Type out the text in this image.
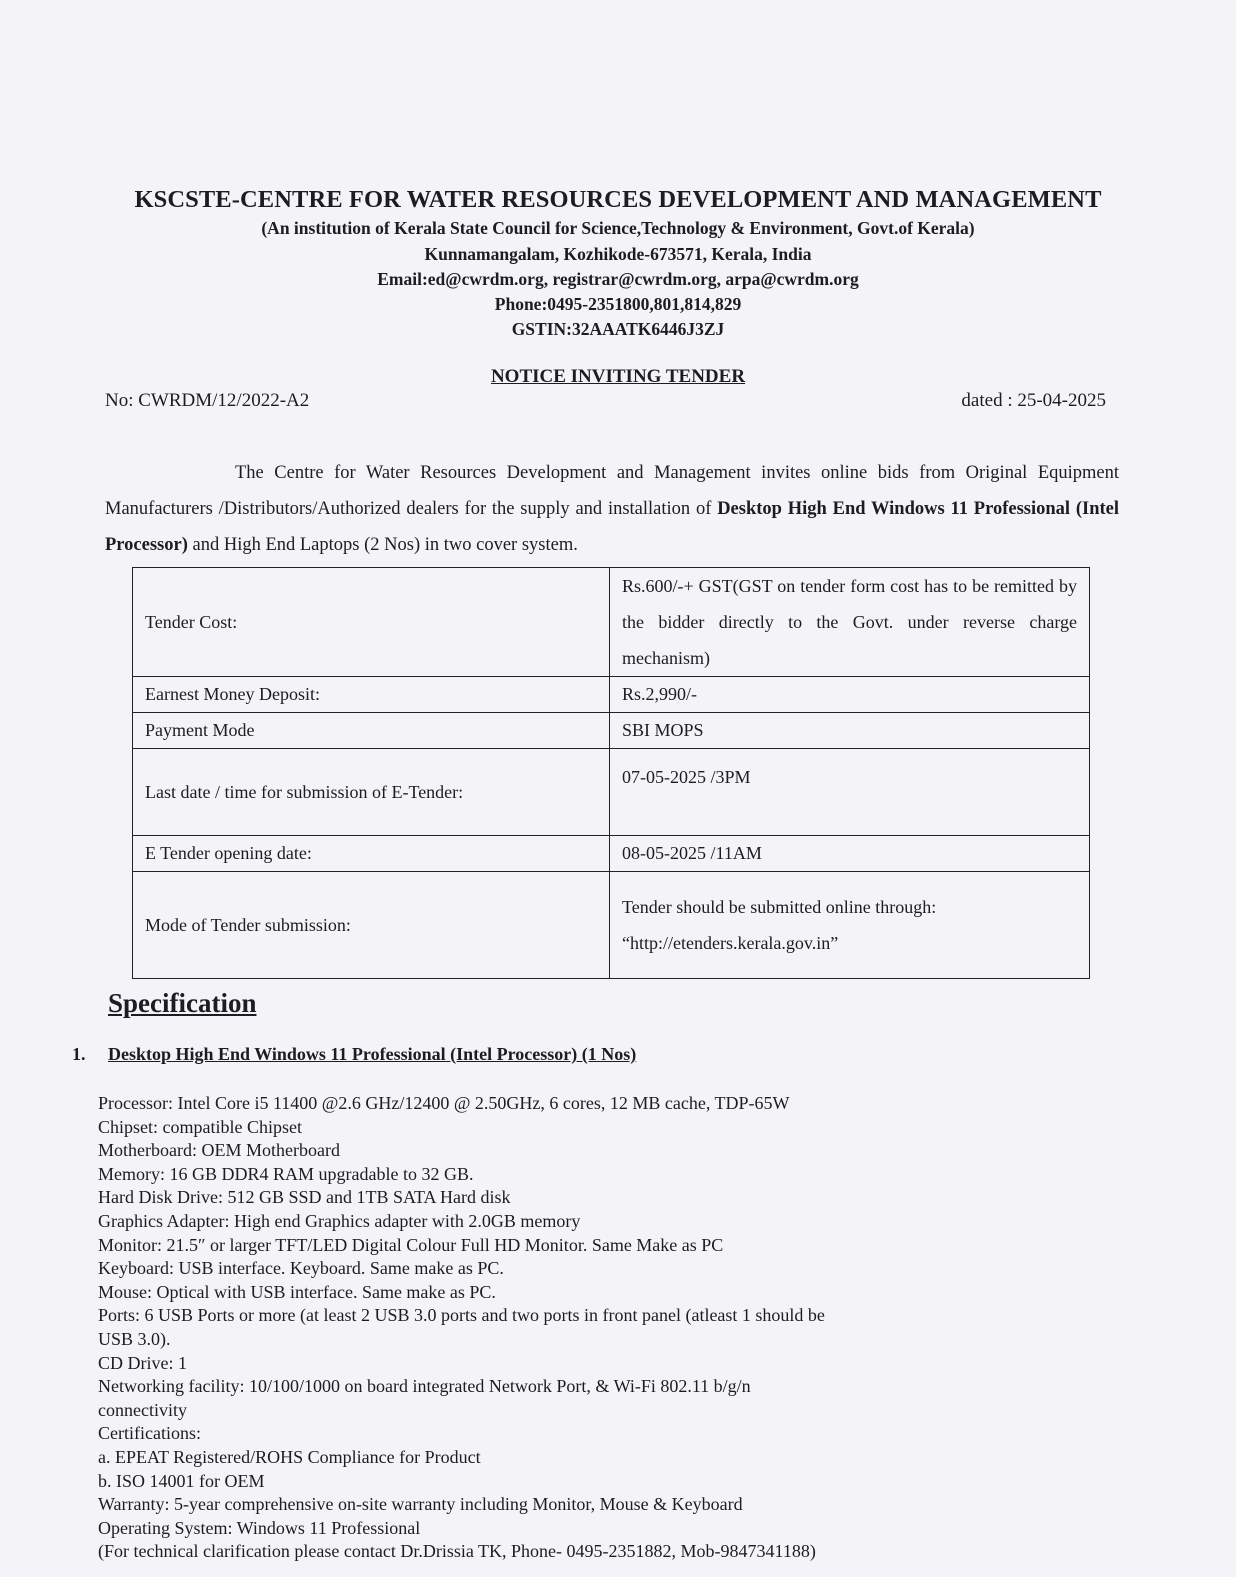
KSCSTE-CENTRE FOR WATER RESOURCES DEVELOPMENT AND MANAGEMENT
(An institution of Kerala State Council for Science,Technology & Environment, Govt.of Kerala)
Kunnamangalam, Kozhikode-673571, Kerala, India
Email:ed@cwrdm.org, registrar@cwrdm.org, arpa@cwrdm.org
Phone:0495-2351800,801,814,829
GSTIN:32AAATK6446J3ZJ
NOTICE INVITING TENDER
No: CWRDM/12/2022-A2	dated : 25-04-2025
The Centre for Water Resources Development and Management invites online bids from Original Equipment Manufacturers /Distributors/Authorized dealers for the supply and installation of Desktop High End Windows 11 Professional (Intel Processor) and High End Laptops (2 Nos) in two cover system.
Tender Cost:	Rs.600/-+ GST(GST on tender form cost has to be remitted by the bidder directly to the Govt. under reverse charge mechanism)
Earnest Money Deposit:	Rs.2,990/-
Payment Mode	SBI MOPS
Last date / time for submission of E-Tender:	07-05-2025 /3PM
E Tender opening date:	08-05-2025 /11AM
Mode of Tender submission:	Tender should be submitted online through:
“http://etenders.kerala.gov.in”
Specification
1. Desktop High End Windows 11 Professional (Intel Processor) (1 Nos)
Processor: Intel Core i5 11400 @2.6 GHz/12400 @ 2.50GHz, 6 cores, 12 MB cache, TDP-65W
Chipset: compatible Chipset
Motherboard: OEM Motherboard
Memory: 16 GB DDR4 RAM upgradable to 32 GB.
Hard Disk Drive: 512 GB SSD and 1TB SATA Hard disk
Graphics Adapter: High end Graphics adapter with 2.0GB memory
Monitor: 21.5″ or larger TFT/LED Digital Colour Full HD Monitor. Same Make as PC
Keyboard: USB interface. Keyboard. Same make as PC.
Mouse: Optical with USB interface. Same make as PC.
Ports: 6 USB Ports or more (at least 2 USB 3.0 ports and two ports in front panel (atleast 1 should be
USB 3.0).
CD Drive: 1
Networking facility: 10/100/1000 on board integrated Network Port, & Wi-Fi 802.11 b/g/n
connectivity
Certifications:
a. EPEAT Registered/ROHS Compliance for Product
b. ISO 14001 for OEM
Warranty: 5-year comprehensive on-site warranty including Monitor, Mouse & Keyboard
Operating System: Windows 11 Professional
(For technical clarification please contact Dr.Drissia TK, Phone- 0495-2351882, Mob-9847341188)
